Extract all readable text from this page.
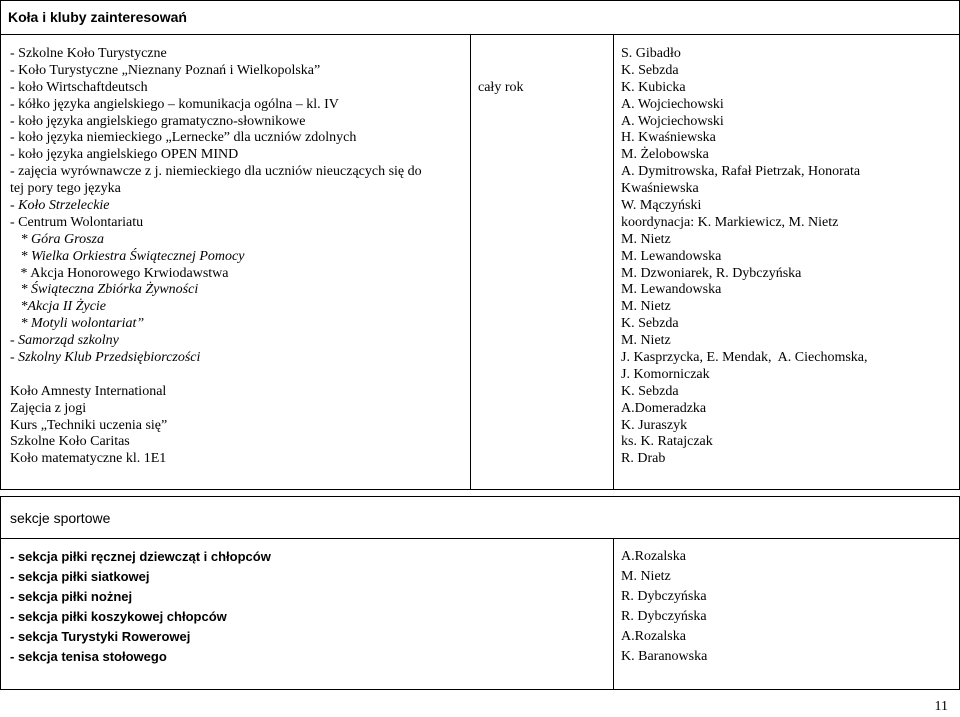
Koła i kluby zainteresowań
- Szkolne Koło Turystyczne
- Koło Turystyczne „Nieznany Poznań i Wielkopolska”
- koło Wirtschaftdeutsch
- kółko języka angielskiego – komunikacja ogólna – kl. IV
- koło języka angielskiego gramatyczno-słownikowe
- koło języka niemieckiego „Lernecke” dla uczniów zdolnych
- koło języka angielskiego OPEN MIND
- zajęcia wyrównawcze z j. niemieckiego dla uczniów nieuczących się do
tej pory tego języka
- Koło Strzeleckie
- Centrum Wolontariatu
* Góra Grosza
* Wielka Orkiestra Świątecznej Pomocy
* Akcja Honorowego Krwiodawstwa
* Świąteczna Zbiórka Żywności
*Akcja II Życie
* Motyli wolontariat”
- Samorząd szkolny
- Szkolny Klub Przedsiębiorczości
Koło Amnesty International
Zajęcia z jogi
Kurs „Techniki uczenia się”
Szkolne Koło Caritas
Koło matematyczne kl. 1E1

cały rok

S. Gibadło
K. Sebzda
K. Kubicka
A. Wojciechowski
A. Wojciechowski
H. Kwaśniewska
M. Żelobowska
A. Dymitrowska, Rafał Pietrzak, Honorata
Kwaśniewska
W. Mączyński
koordynacja: K. Markiewicz, M. Nietz
M. Nietz
M. Lewandowska
M. Dzwoniarek, R. Dybczyńska
M. Lewandowska
M. Nietz
K. Sebzda
M. Nietz
J. Kasprzycka, E. Mendak,  A. Ciechomska,
J. Komorniczak
K. Sebzda
A.Domeradzka
K. Juraszyk
ks. K. Ratajczak
R. Drab
sekcje sportowe
- sekcja piłki ręcznej dziewcząt i chłopców
- sekcja piłki siatkowej
- sekcja piłki nożnej
- sekcja piłki koszykowej chłopców
- sekcja Turystyki Rowerowej
- sekcja tenisa stołowego
A.Rozalska
M. Nietz
R. Dybczyńska
R. Dybczyńska
A.Rozalska
K. Baranowska
11
